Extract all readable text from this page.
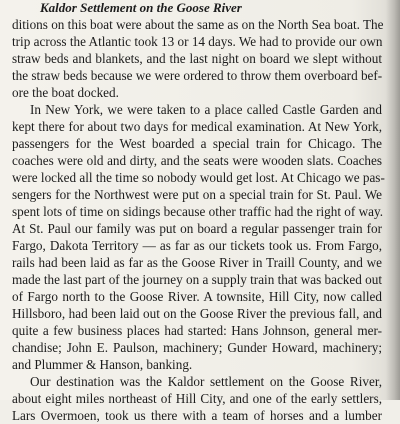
Kaldor Settlement on the Goose River
ditions on this boat were about the same as on the North Sea boat. The
trip across the Atlantic took 13 or 14 days. We had to provide our own
straw beds and blankets, and the last night on board we slept without
the straw beds because we were ordered to throw them overboard bef-
ore the boat docked.
In New York, we were taken to a place called Castle Garden and
kept there for about two days for medical examination. At New York,
passengers for the West boarded a special train for Chicago. The
coaches were old and dirty, and the seats were wooden slats. Coaches
were locked all the time so nobody would get lost. At Chicago we pas-
sengers for the Northwest were put on a special train for St. Paul. We
spent lots of time on sidings because other traffic had the right of way.
At St. Paul our family was put on board a regular passenger train for
Fargo, Dakota Territory — as far as our tickets took us. From Fargo,
rails had been laid as far as the Goose River in Traill County, and we
made the last part of the journey on a supply train that was backed out
of Fargo north to the Goose River. A townsite, Hill City, now called
Hillsboro, had been laid out on the Goose River the previous fall, and
quite a few business places had started: Hans Johnson, general mer-
chandise; John E. Paulson, machinery; Gunder Howard, machinery;
and Plummer & Hanson, banking.
Our destination was the Kaldor settlement on the Goose River,
about eight miles northeast of Hill City, and one of the early settlers,
Lars Overmoen, took us there with a team of horses and a lumber
